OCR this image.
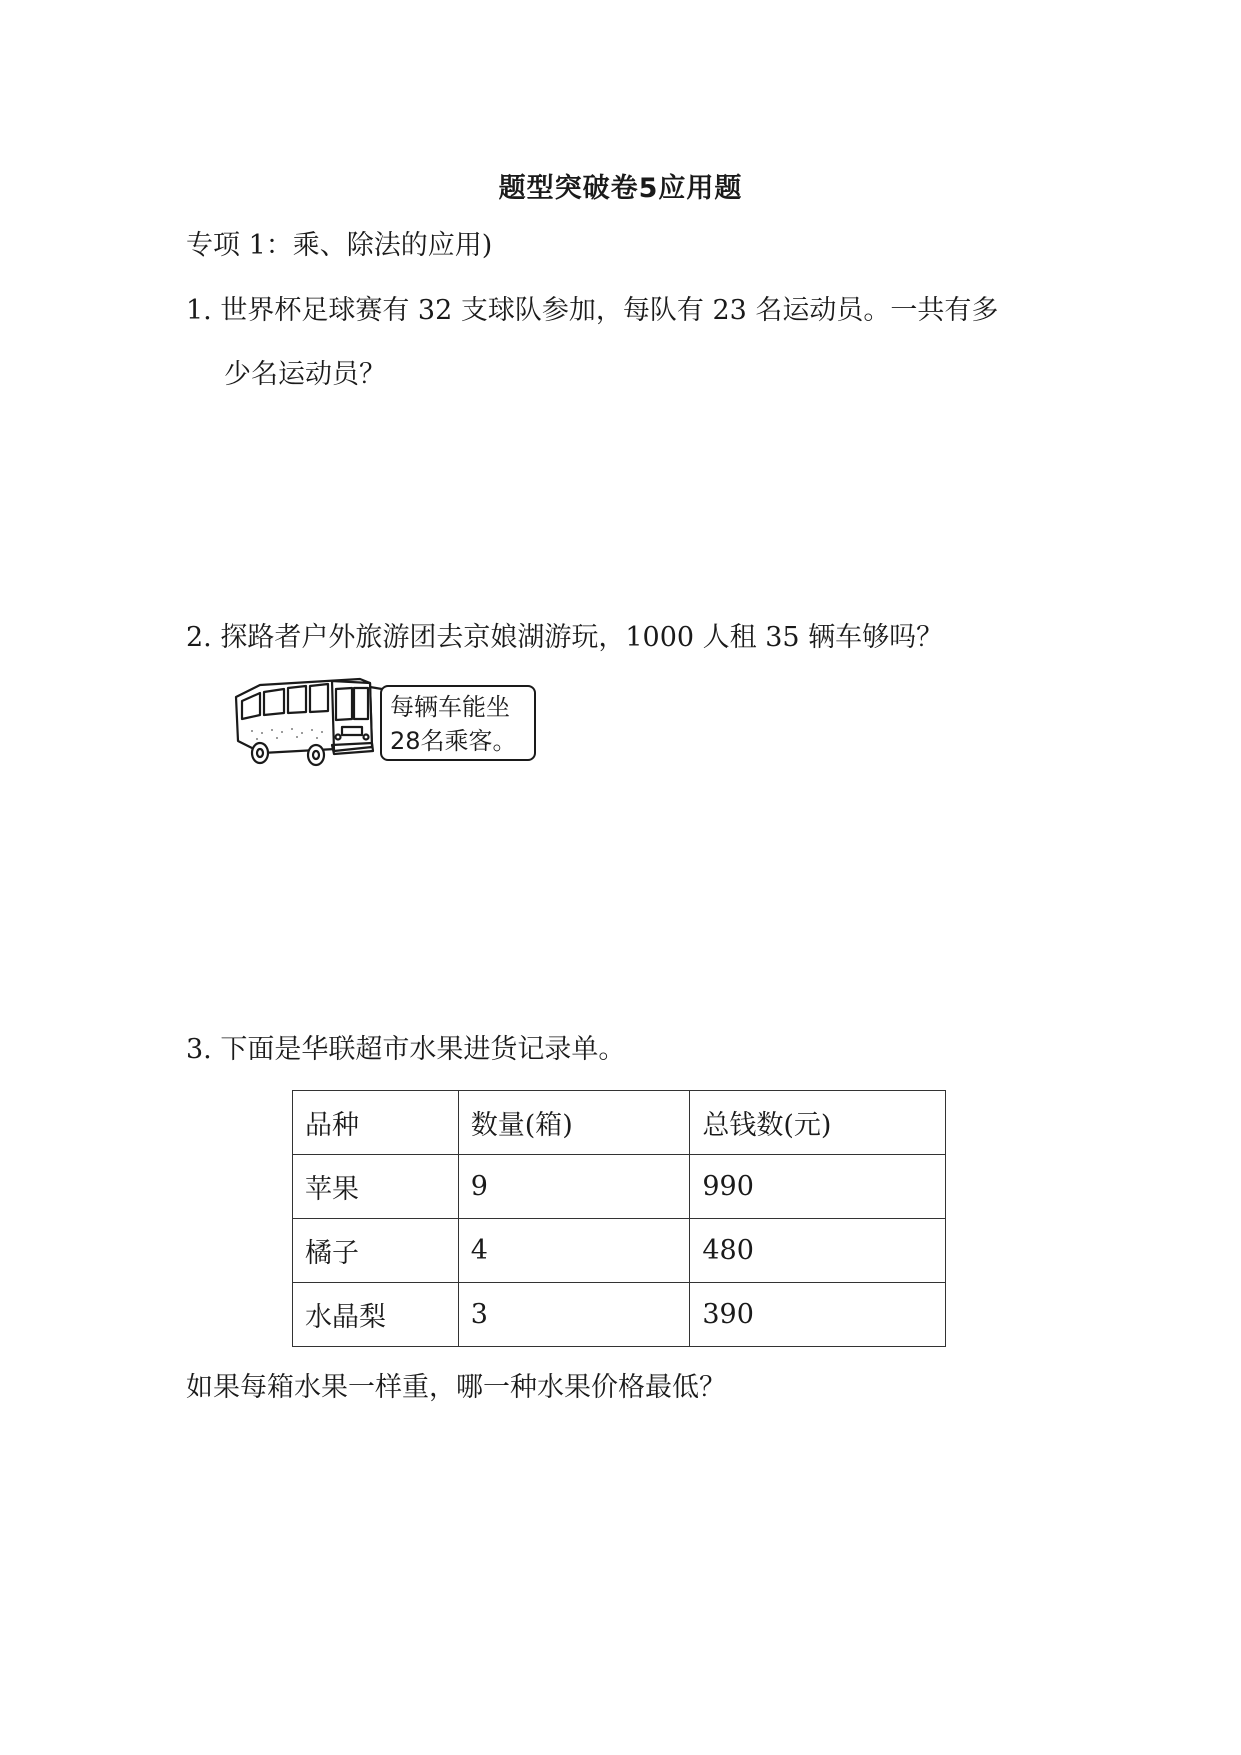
题型突破卷5应用题
专项 1：乘、除法的应用)
1. 世界杯足球赛有 32 支球队参加，每队有 23 名运动员。一共有多
少名运动员？
2. 探路者户外旅游团去京娘湖游玩，1000 人租 35 辆车够吗？
每辆车能坐
28名乘客。
3. 下面是华联超市水果进货记录单。
品种	数量(箱)	总钱数(元)
苹果	9	990
橘子	4	480
水晶梨	3	390
如果每箱水果一样重，哪一种水果价格最低？
